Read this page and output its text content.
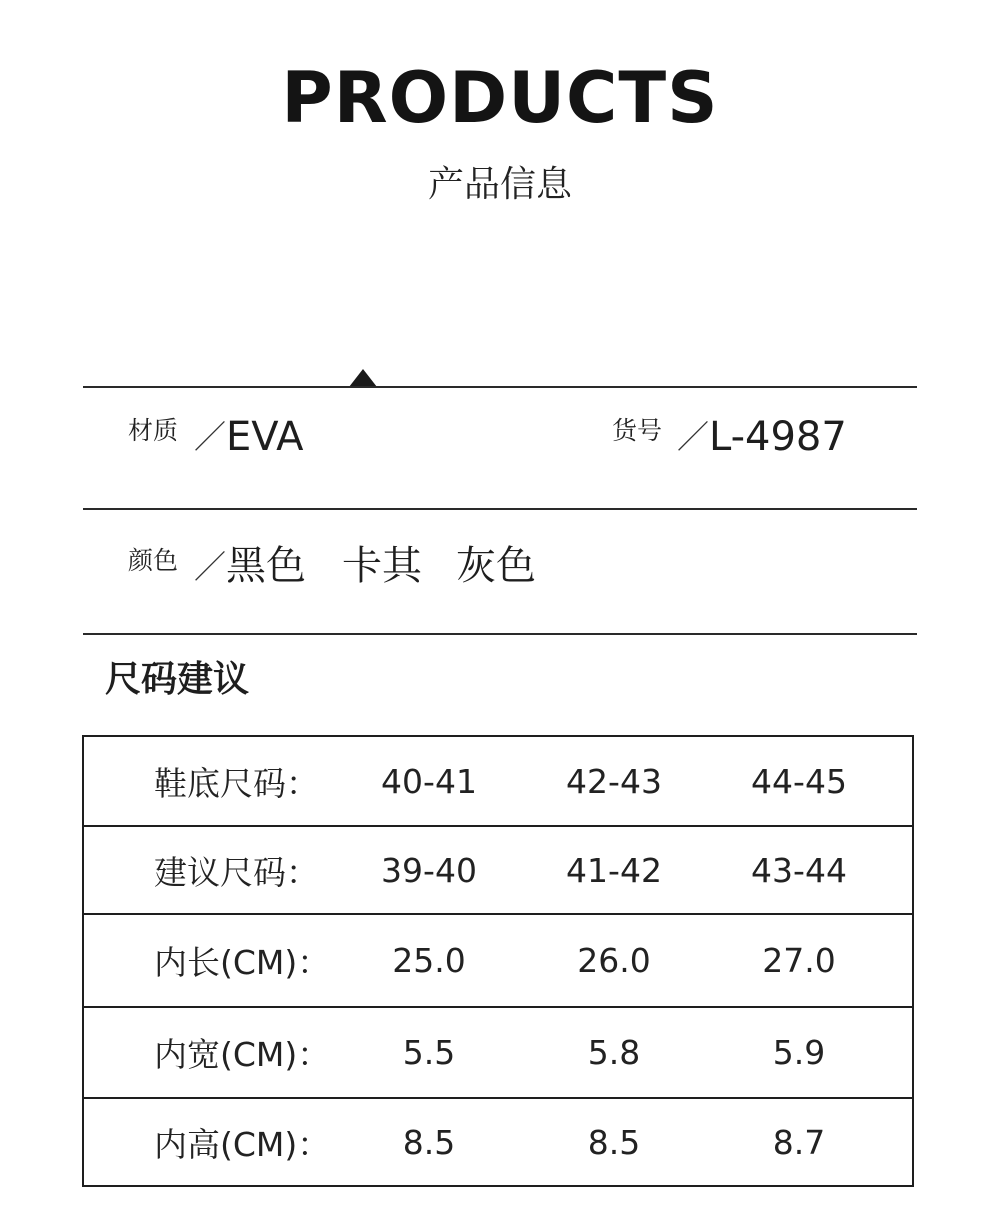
PRODUCTS
产品信息
材质 ／ EVA	货号 ／ L-4987
颜色 ／ 黑色 卡其 灰色
尺码建议
鞋底尺码：	40-41	42-43	44-45
建议尺码：	39-40	41-42	43-44
内长(CM)：	25.0	26.0	27.0
内宽(CM)：	5.5	5.8	5.9
内高(CM)：	8.5	8.5	8.7
